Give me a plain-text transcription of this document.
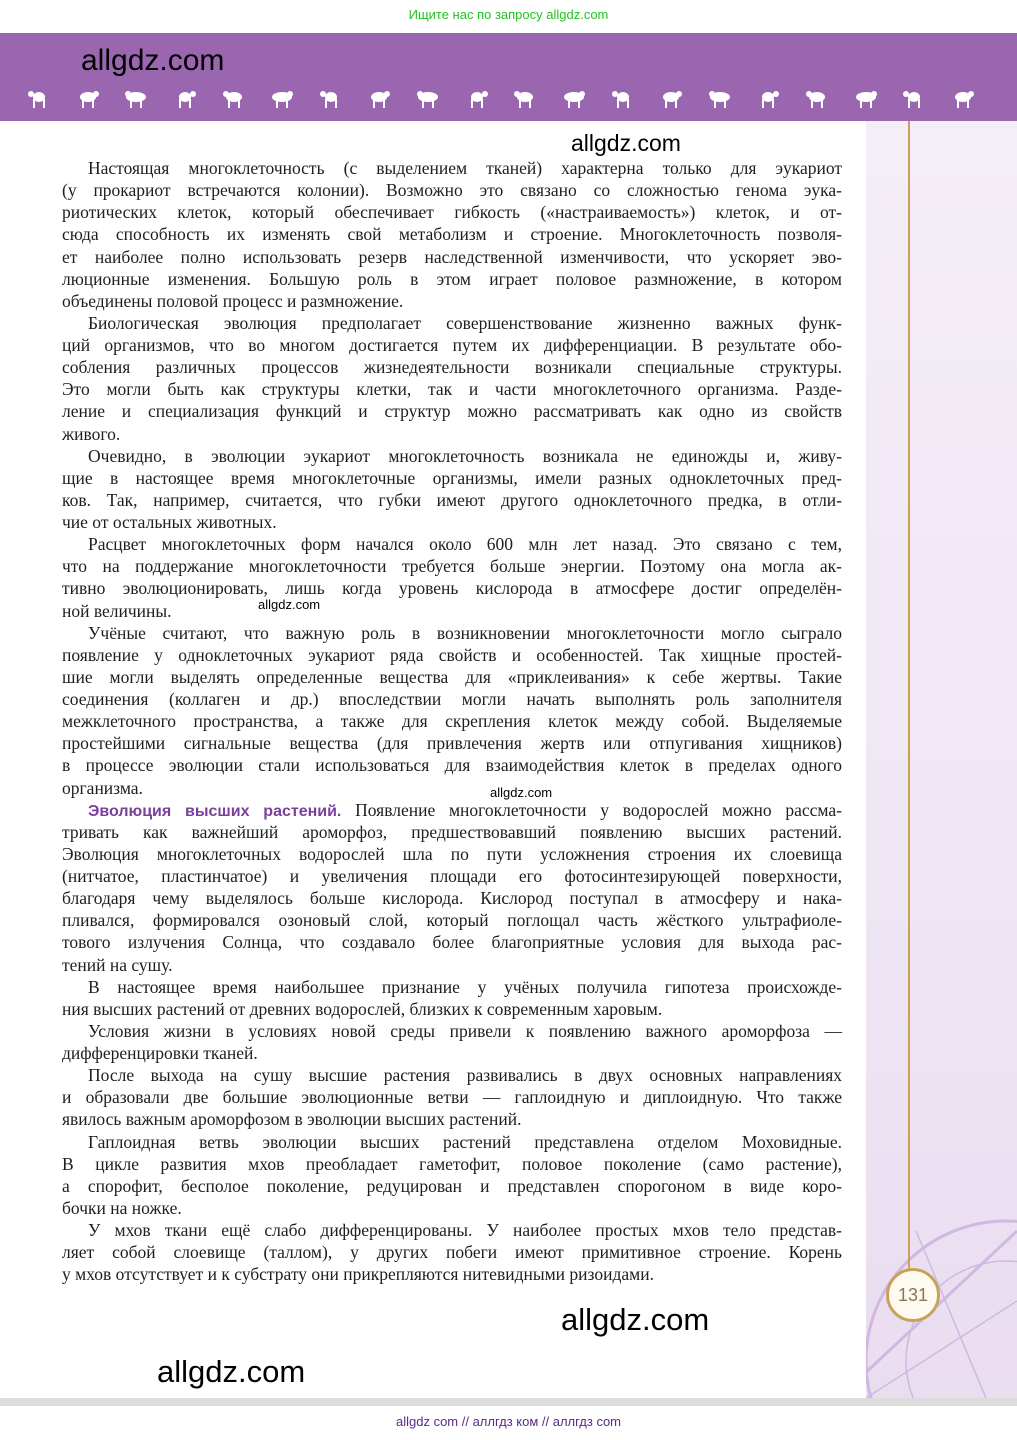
Ищите нас по запросу allgdz.com
131
allgdz.com
allgdz.com
allgdz.com
allgdz.com
allgdz.com
allgdz.com
Настоящая многоклеточность (с выделением тканей) характерна только для эукариот
(у прокариот встречаются колонии). Возможно это связано со сложностью генома эука-
риотических клеток, который обеспечивает гибкость («настраиваемость») клеток, и от-
сюда способность их изменять свой метаболизм и строение. Многоклеточность позволя-
ет наиболее полно использовать резерв наследственной изменчивости, что ускоряет эво-
люционные изменения. Большую роль в этом играет половое размножение, в котором
объединены половой процесс и размножение.
Биологическая эволюция предполагает совершенствование жизненно важных функ-
ций организмов, что во многом достигается путем их дифференциации. В результате обо-
собления различных процессов жизнедеятельности возникали специальные структуры.
Это могли быть как структуры клетки, так и части многоклеточного организма. Разде-
ление и специализация функций и структур можно рассматривать как одно из свойств
живого.
Очевидно, в эволюции эукариот многоклеточность возникала не единожды и, живу-
щие в настоящее время многоклеточные организмы, имели разных одноклеточных пред-
ков. Так, например, считается, что губки имеют другого одноклеточного предка, в отли-
чие от остальных животных.
Расцвет многоклеточных форм начался около 600 млн лет назад. Это связано с тем,
что на поддержание многоклеточности требуется больше энергии. Поэтому она могла ак-
тивно эволюционировать, лишь когда уровень кислорода в атмосфере достиг определён-
ной величины.
Учёные считают, что важную роль в возникновении многоклеточности могло сыграло
появление у одноклеточных эукариот ряда свойств и особенностей. Так хищные простей-
шие могли выделять определенные вещества для «приклеивания» к себе жертвы. Такие
соединения (коллаген и др.) впоследствии могли начать выполнять роль заполнителя
межклеточного пространства, а также для скрепления клеток между собой. Выделяемые
простейшими сигнальные вещества (для привлечения жертв или отпугивания хищников)
в процессе эволюции стали использоваться для взаимодействия клеток в пределах одного
организма.
Эволюция высших растений. Появление многоклеточности у водорослей можно рассма-
тривать как важнейший ароморфоз, предшествовавший появлению высших растений.
Эволюция многоклеточных водорослей шла по пути усложнения строения их слоевища
(нитчатое, пластинчатое) и увеличения площади его фотосинтезирующей поверхности,
благодаря чему выделялось больше кислорода. Кислород поступал в атмосферу и нака-
пливался, формировался озоновый слой, который поглощал часть жёсткого ультрафиоле-
тового излучения Солнца, что создавало более благоприятные условия для выхода рас-
тений на сушу.
В настоящее время наибольшее признание у учёных получила гипотеза происхожде-
ния высших растений от древних водорослей, близких к современным харовым.
Условия жизни в условиях новой среды привели к появлению важного ароморфоза —
дифференцировки тканей.
После выхода на сушу высшие растения развивались в двух основных направлениях
и образовали две большие эволюционные ветви — гаплоидную и диплоидную. Что также
явилось важным ароморфозом в эволюции высших растений.
Гаплоидная ветвь эволюции высших растений представлена отделом Моховидные.
В цикле развития мхов преобладает гаметофит, половое поколение (само растение),
а спорофит, бесполое поколение, редуцирован и представлен спорогоном в виде коро-
бочки на ножке.
У мхов ткани ещё слабо дифференцированы. У наиболее простых мхов тело представ-
ляет собой слоевище (таллом), у других побеги имеют примитивное строение. Корень
у мхов отсутствует и к субстрату они прикрепляются нитевидными ризоидами.
allgdz com // аллгдз ком // аллгдз com
